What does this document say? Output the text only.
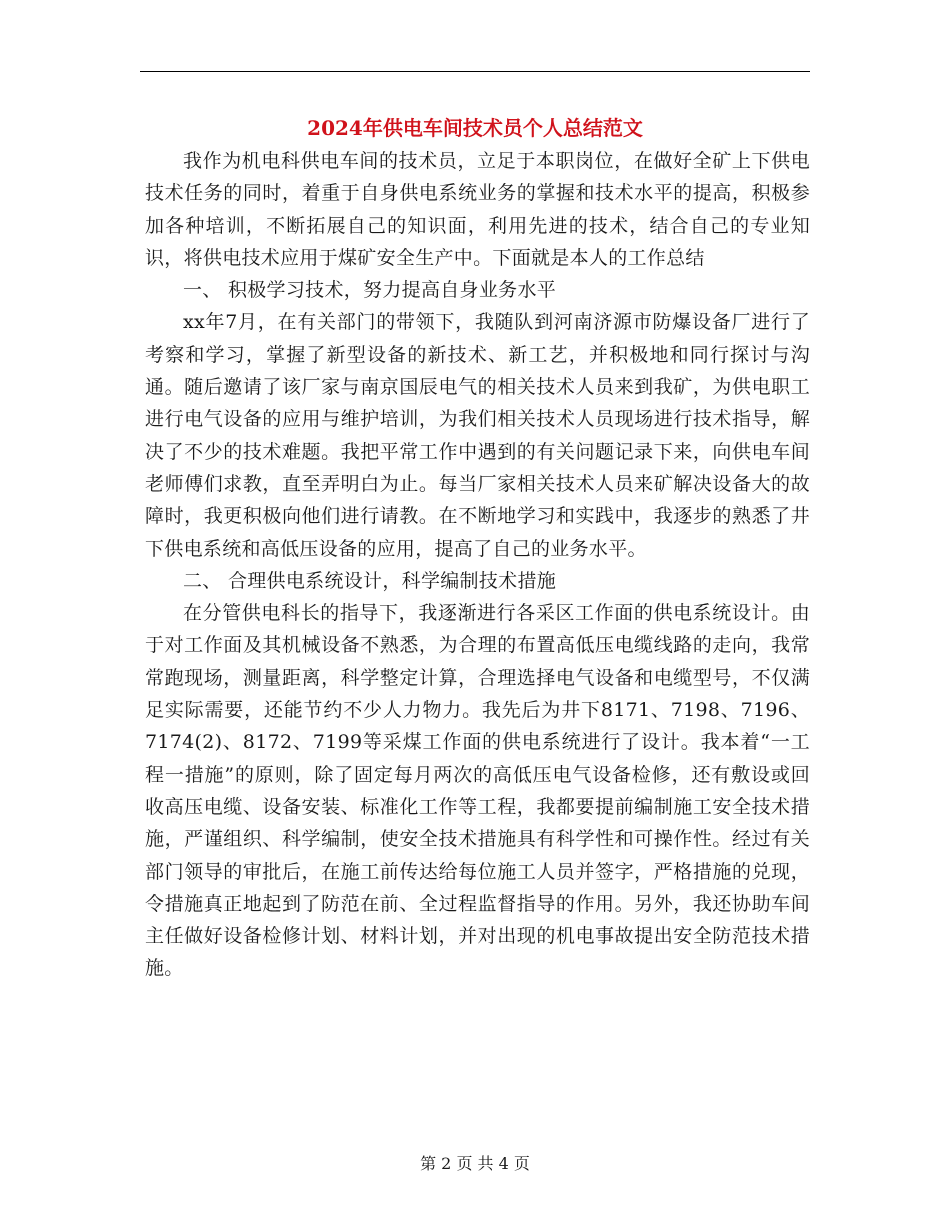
2024年供电车间技术员个人总结范文

我作为机电科供电车间的技术员，立足于本职岗位，在做好全矿上下供电技术任务的同时，着重于自身供电系统业务的掌握和技术水平的提高，积极参加各种培训，不断拓展自己的知识面，利用先进的技术，结合自己的专业知识，将供电技术应用于煤矿安全生产中。下面就是本人的工作总结

一、 积极学习技术，努力提高自身业务水平

xx年7月，在有关部门的带领下，我随队到河南济源市防爆设备厂进行了考察和学习，掌握了新型设备的新技术、新工艺，并积极地和同行探讨与沟通。随后邀请了该厂家与南京国辰电气的相关技术人员来到我矿，为供电职工进行电气设备的应用与维护培训，为我们相关技术人员现场进行技术指导，解决了不少的技术难题。我把平常工作中遇到的有关问题记录下来，向供电车间老师傅们求教，直至弄明白为止。每当厂家相关技术人员来矿解决设备大的故障时，我更积极向他们进行请教。在不断地学习和实践中，我逐步的熟悉了井下供电系统和高低压设备的应用，提高了自己的业务水平。

二、 合理供电系统设计，科学编制技术措施

在分管供电科长的指导下，我逐渐进行各采区工作面的供电系统设计。由于对工作面及其机械设备不熟悉，为合理的布置高低压电缆线路的走向，我常常跑现场，测量距离，科学整定计算，合理选择电气设备和电缆型号，不仅满足实际需要，还能节约不少人力物力。我先后为井下8171、7198、7196、7174(2)、8172、7199等采煤工作面的供电系统进行了设计。我本着“一工程一措施”的原则，除了固定每月两次的高低压电气设备检修，还有敷设或回收高压电缆、设备安装、标准化工作等工程，我都要提前编制施工安全技术措施，严谨组织、科学编制，使安全技术措施具有科学性和可操作性。经过有关部门领导的审批后，在施工前传达给每位施工人员并签字，严格措施的兑现，令措施真正地起到了防范在前、全过程监督指导的作用。另外，我还协助车间主任做好设备检修计划、材料计划，并对出现的机电事故提出安全防范技术措施。

第 2 页 共 4 页
